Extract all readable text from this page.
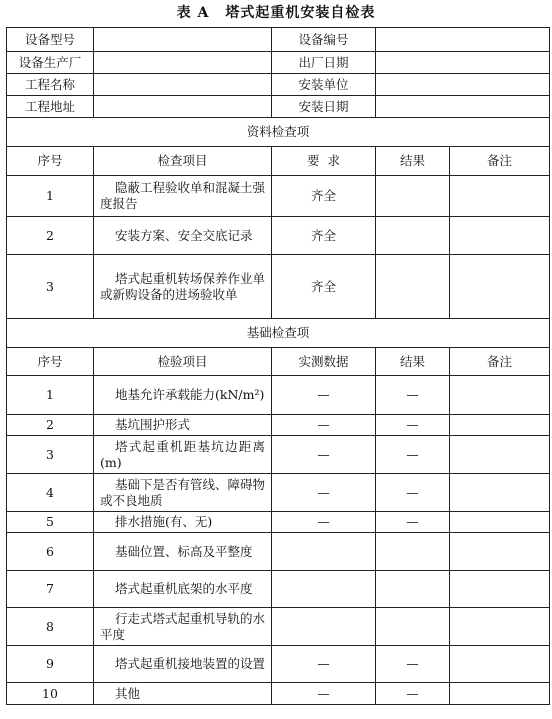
表 A 塔式起重机安装自检表
设备型号		设备编号		
设备生产厂		出厂日期		
工程名称		安装单位		
工程地址		安装日期		
资料检查项				
序号	检查项目	要  求	结果	备注
1	隐蔽工程验收单和混凝土强度报告	齐全		
2	安装方案、安全交底记录	齐全		
3	塔式起重机转场保养作业单或新购设备的进场验收单	齐全		
基础检查项				
序号	检验项目	实测数据	结果	备注
1	地基允许承载能力(kN/m²)	—	—	
2	基坑围护形式	—	—	
3	塔式起重机距基坑边距离(m)	—	—	
4	基础下是否有管线、障碍物或不良地质	—	—	
5	排水措施(有、无)	—	—	
6	基础位置、标高及平整度			
7	塔式起重机底架的水平度			
8	行走式塔式起重机导轨的水平度			
9	塔式起重机接地装置的设置	—	—	
10	其他	—	—	
